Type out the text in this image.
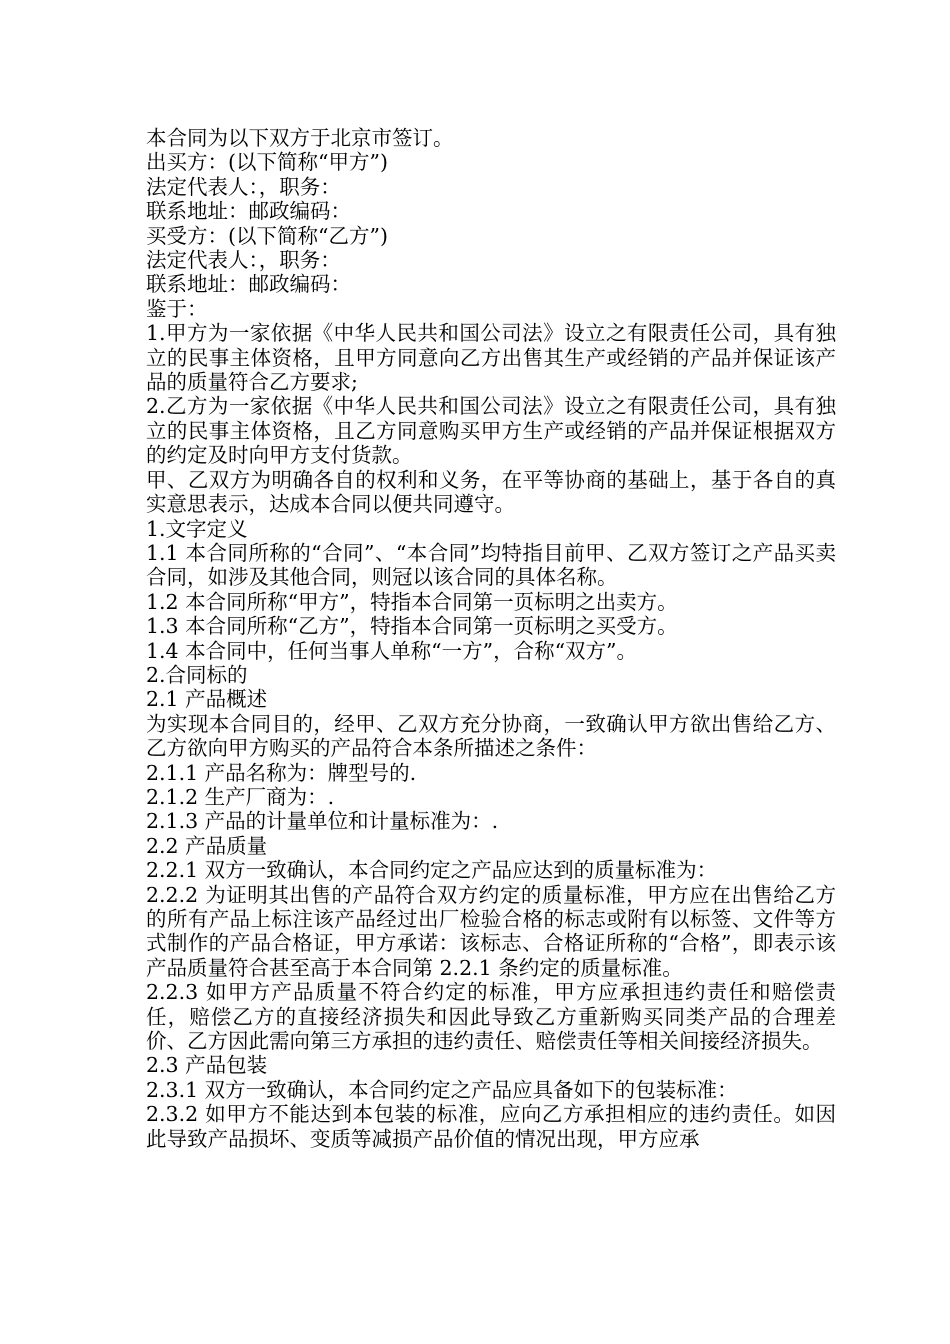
本合同为以下双方于北京市签订。

出买方：(以下简称“甲方”)

法定代表人：，职务：

联系地址：邮政编码：

买受方：(以下简称“乙方”)

法定代表人：，职务：

联系地址：邮政编码：

鉴于：

1.甲方为一家依据《中华人民共和国公司法》设立之有限责任公司，具有独立的民事主体资格，且甲方同意向乙方出售其生产或经销的产品并保证该产品的质量符合乙方要求;

2.乙方为一家依据《中华人民共和国公司法》设立之有限责任公司，具有独立的民事主体资格，且乙方同意购买甲方生产或经销的产品并保证根据双方的约定及时向甲方支付货款。

甲、乙双方为明确各自的权利和义务，在平等协商的基础上，基于各自的真实意思表示，达成本合同以便共同遵守。

1.文字定义

1.1 本合同所称的“合同”、“本合同”均特指目前甲、乙双方签订之产品买卖合同，如涉及其他合同，则冠以该合同的具体名称。

1.2 本合同所称“甲方”，特指本合同第一页标明之出卖方。

1.3 本合同所称“乙方”，特指本合同第一页标明之买受方。

1.4 本合同中，任何当事人单称“一方”，合称“双方”。

2.合同标的

2.1 产品概述

为实现本合同目的，经甲、乙双方充分协商，一致确认甲方欲出售给乙方、乙方欲向甲方购买的产品符合本条所描述之条件：

2.1.1 产品名称为：牌型号的.

2.1.2 生产厂商为：.

2.1.3 产品的计量单位和计量标准为：.

2.2 产品质量

2.2.1 双方一致确认，本合同约定之产品应达到的质量标准为：

2.2.2 为证明其出售的产品符合双方约定的质量标准，甲方应在出售给乙方的所有产品上标注该产品经过出厂检验合格的标志或附有以标签、文件等方式制作的产品合格证，甲方承诺：该标志、合格证所称的“合格”，即表示该产品质量符合甚至高于本合同第 2.2.1 条约定的质量标准。

2.2.3 如甲方产品质量不符合约定的标准，甲方应承担违约责任和赔偿责任，赔偿乙方的直接经济损失和因此导致乙方重新购买同类产品的合理差价、乙方因此需向第三方承担的违约责任、赔偿责任等相关间接经济损失。

2.3 产品包装

2.3.1 双方一致确认，本合同约定之产品应具备如下的包装标准：

2.3.2 如甲方不能达到本包装的标准，应向乙方承担相应的违约责任。如因此导致产品损坏、变质等减损产品价值的情况出现，甲方应承
